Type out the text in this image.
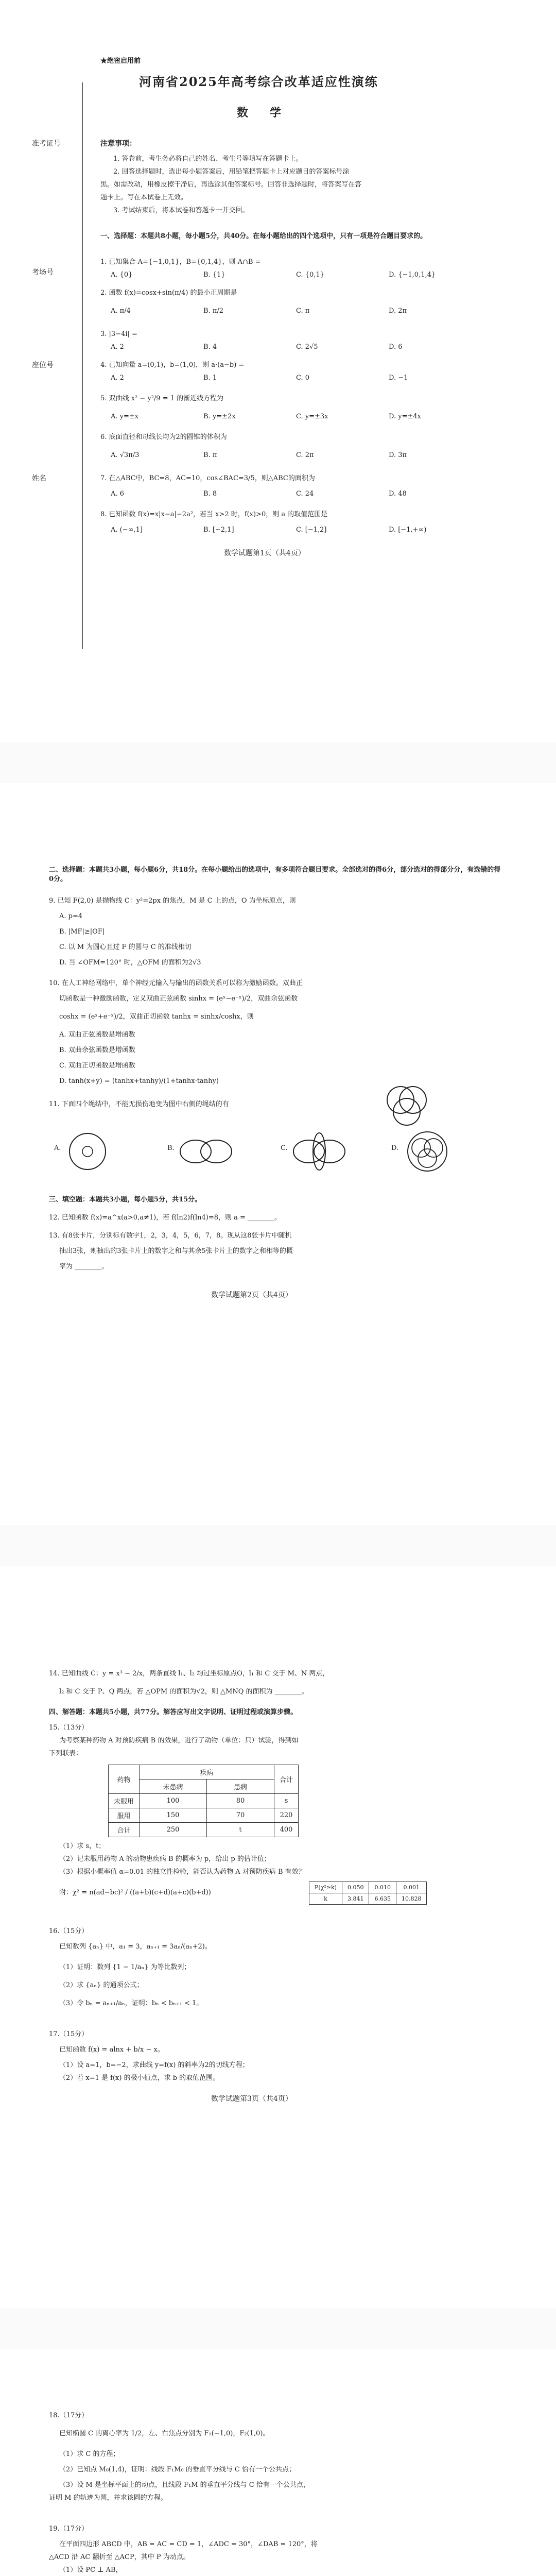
★绝密启用前
准考证号
考场号
座位号
姓名
河南省2025年高考综合改革适应性演练
数　学
注意事项：
1. 答卷前，考生务必将自己的姓名、考生号等填写在答题卡上。
2. 回答选择题时，选出每小题答案后，用铅笔把答题卡上对应题目的答案标号涂
黑。如需改动，用橡皮擦干净后，再选涂其他答案标号。回答非选择题时，将答案写在答
题卡上。写在本试卷上无效。
3. 考试结束后，将本试卷和答题卡一并交回。
一、选择题：本题共8小题，每小题5分，共40分。在每小题给出的四个选项中，只有一项是符合题目要求的。
1. 已知集合 A={−1,0,1}，B={0,1,4}，则 A∩B =
A. {0}	B. {1}	C. {0,1}	D. {−1,0,1,4}
2. 函数 f(x)=cosx+sin(π/4) 的最小正周期是
A. π/4	B. π/2	C. π	D. 2π
3. |3−4i| =
A. 2	B. 4	C. 2√5	D. 6
4. 已知向量 a=(0,1)，b=(1,0)，则 a·(a−b) =
A. 2	B. 1	C. 0	D. −1
5. 双曲线 x² − y²/9 = 1 的渐近线方程为
A. y=±x	B. y=±2x	C. y=±3x	D. y=±4x
6. 底面直径和母线长均为2的圆锥的体积为
A. √3π/3	B. π	C. 2π	D. 3π
7. 在△ABC中，BC=8，AC=10，cos∠BAC=3/5，则△ABC的面积为
A. 6	B. 8	C. 24	D. 48
8. 已知函数 f(x)=x|x−a|−2a²，若当 x>2 时，f(x)>0，则 a 的取值范围是
A. (−∞,1]	B. [−2,1]	C. [−1,2]	D. [−1,+∞)
数学试题第1页（共4页）
二、选择题：本题共3小题，每小题6分，共18分。在每小题给出的选项中，有多项符合题目要求。全部选对的得6分，部分选对的得部分分，有选错的得0分。
9. 已知 F(2,0) 是抛物线 C：y²=2px 的焦点，M 是 C 上的点，O 为坐标原点，则
A. p=4
B. |MF|≥|OF|
C. 以 M 为圆心且过 F 的圆与 C 的准线相切
D. 当 ∠OFM=120° 时，△OFM 的面积为2√3
10. 在人工神经网络中，单个神经元输入与输出的函数关系可以称为激励函数。双曲正
切函数是一种激励函数，定义双曲正弦函数 sinhx = (eˣ−e⁻ˣ)/2，双曲余弦函数
coshx = (eˣ+e⁻ˣ)/2，双曲正切函数 tanhx = sinhx/coshx，则
A. 双曲正弦函数是增函数
B. 双曲余弦函数是增函数
C. 双曲正切函数是增函数
D. tanh(x+y) = (tanhx+tanhy)/(1+tanhx·tanhy)
11. 下面四个绳结中，不能无损伤地变为图中右侧的绳结的有
A.	B.	C.	D.
三、填空题：本题共3小题，每小题5分，共15分。
12. 已知函数 f(x)=a^x(a>0,a≠1)，若 f(ln2)f(ln4)=8，则 a = ________。
13. 有8张卡片，分别标有数字1，2，3，4，5，6，7，8。现从这8张卡片中随机
抽出3张，则抽出的3张卡片上的数字之和与其余5张卡片上的数字之和相等的概
率为 ________。
数学试题第2页（共4页）
14. 已知曲线 C：y = x³ − 2/x，两条直线 l₁、l₂ 均过坐标原点O，l₁ 和 C 交于 M、N 两点，
l₂ 和 C 交于 P、Q 两点，若 △OPM 的面积为√2，则 △MNQ 的面积为 ________。
四、解答题：本题共5小题，共77分。解答应写出文字说明、证明过程或演算步骤。
15.（13分）
为考察某种药物 A 对预防疾病 B 的效果，进行了动物（单位：只）试验，得到如
下列联表：
药物	疾病		合计
	未患病	患病	
未服用	100	80	s
服用	150	70	220
合计	250	t	400
（1）求 s，t；
（2）记未服用药物 A 的动物患疾病 B 的概率为 p，给出 p 的估计值；
（3）根据小概率值 α=0.01 的独立性检验，能否认为药物 A 对预防疾病 B 有效？
附：χ² = n(ad−bc)² / ((a+b)(c+d)(a+c)(b+d))
P(χ²≥k)	0.050	0.010	0.001
k	3.841	6.635	10.828
16.（15分）
已知数列 {aₙ} 中，a₁ = 3，aₙ₊₁ = 3aₙ/(aₙ+2)。
（1）证明：数列 {1 − 1/aₙ} 为等比数列；
（2）求 {aₙ} 的通项公式；
（3）令 bₙ = aₙ₊₁/aₙ，证明：bₙ < bₙ₊₁ < 1。
17.（15分）
已知函数 f(x) = alnx + b/x − x。
（1）设 a=1，b=−2，求曲线 y=f(x) 的斜率为2的切线方程；
（2）若 x=1 是 f(x) 的极小值点，求 b 的取值范围。
数学试题第3页（共4页）
18.（17分）
已知椭圆 C 的离心率为 1/2，左、右焦点分别为 F₁(−1,0)，F₂(1,0)。
（1）求 C 的方程；
（2）已知点 M₀(1,4)，证明：线段 F₁M₀ 的垂直平分线与 C 恰有一个公共点；
（3）设 M 是坐标平面上的动点，且线段 F₁M 的垂直平分线与 C 恰有一个公共点，
证明 M 的轨迹为圆，并求该圆的方程。
19.（17分）
在平面四边形 ABCD 中，AB = AC = CD = 1，∠ADC = 30°，∠DAB = 120°，将
△ACD 沿 AC 翻折至 △ACP，其中 P 为动点。
（1）设 PC ⊥ AB，
